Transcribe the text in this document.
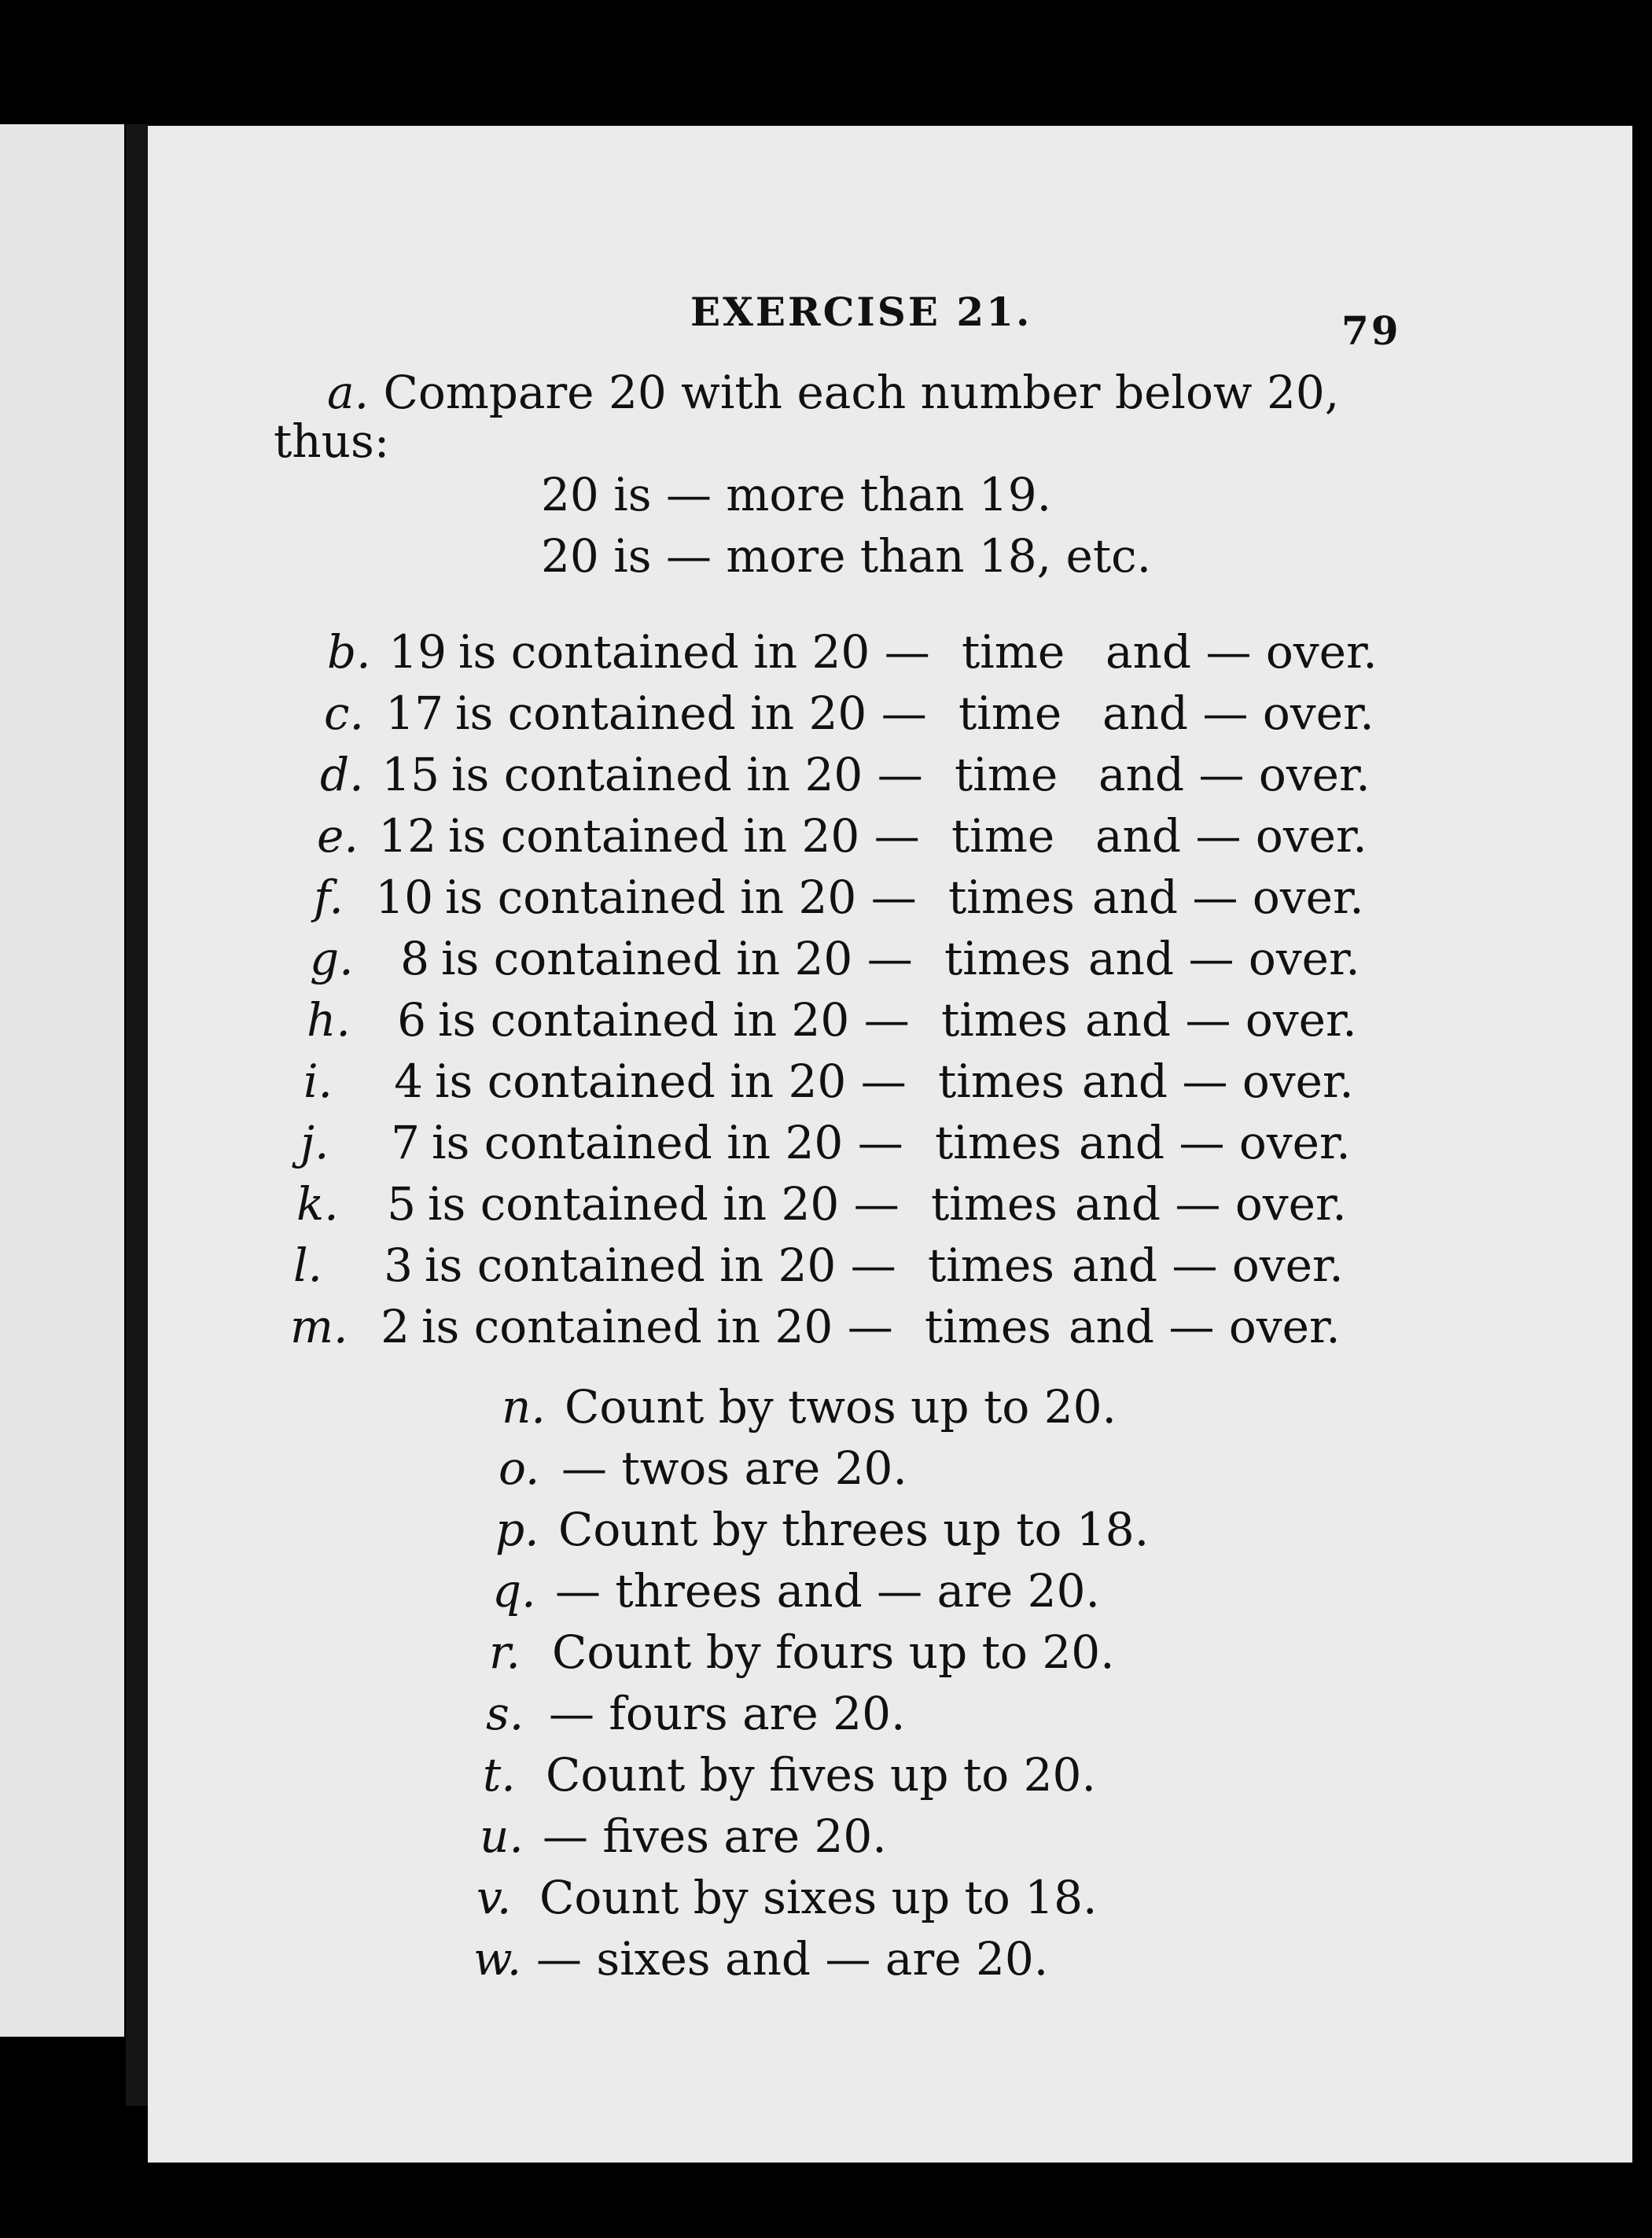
EXERCISE 21.	79
a. Compare 20 with each number below 20,
thus:
20 is — more than 19.
20 is — more than 18, etc.
b. 19 is contained in 20 — time and — over.
c. 17 is contained in 20 — time and — over.
d. 15 is contained in 20 — time and — over.
e. 12 is contained in 20 — time and — over.
f. 10 is contained in 20 — times and — over.
g.	8 is contained in 20 — times and — over.
h.	6 is contained in 20 — times and — over.
i.	4 is contained in 20 — times and — over.
j.	7 is contained in 20 — times and — over.
k.	5 is contained in 20 — times and — over.
l.	3 is contained in 20 — times and — over.
m. 2 is contained in 20 — times and — over.
n. Count by twos up to 20.
o. — twos are 20.
p. Count by threes up to 18.
q. — threes and — are 20.
r. Count by fours up to 20.
s. — fours are 20.
t. Count by fives up to 20.
u. — fives are 20.
v. Count by sixes up to 18.
w. — sixes and — are 20.
